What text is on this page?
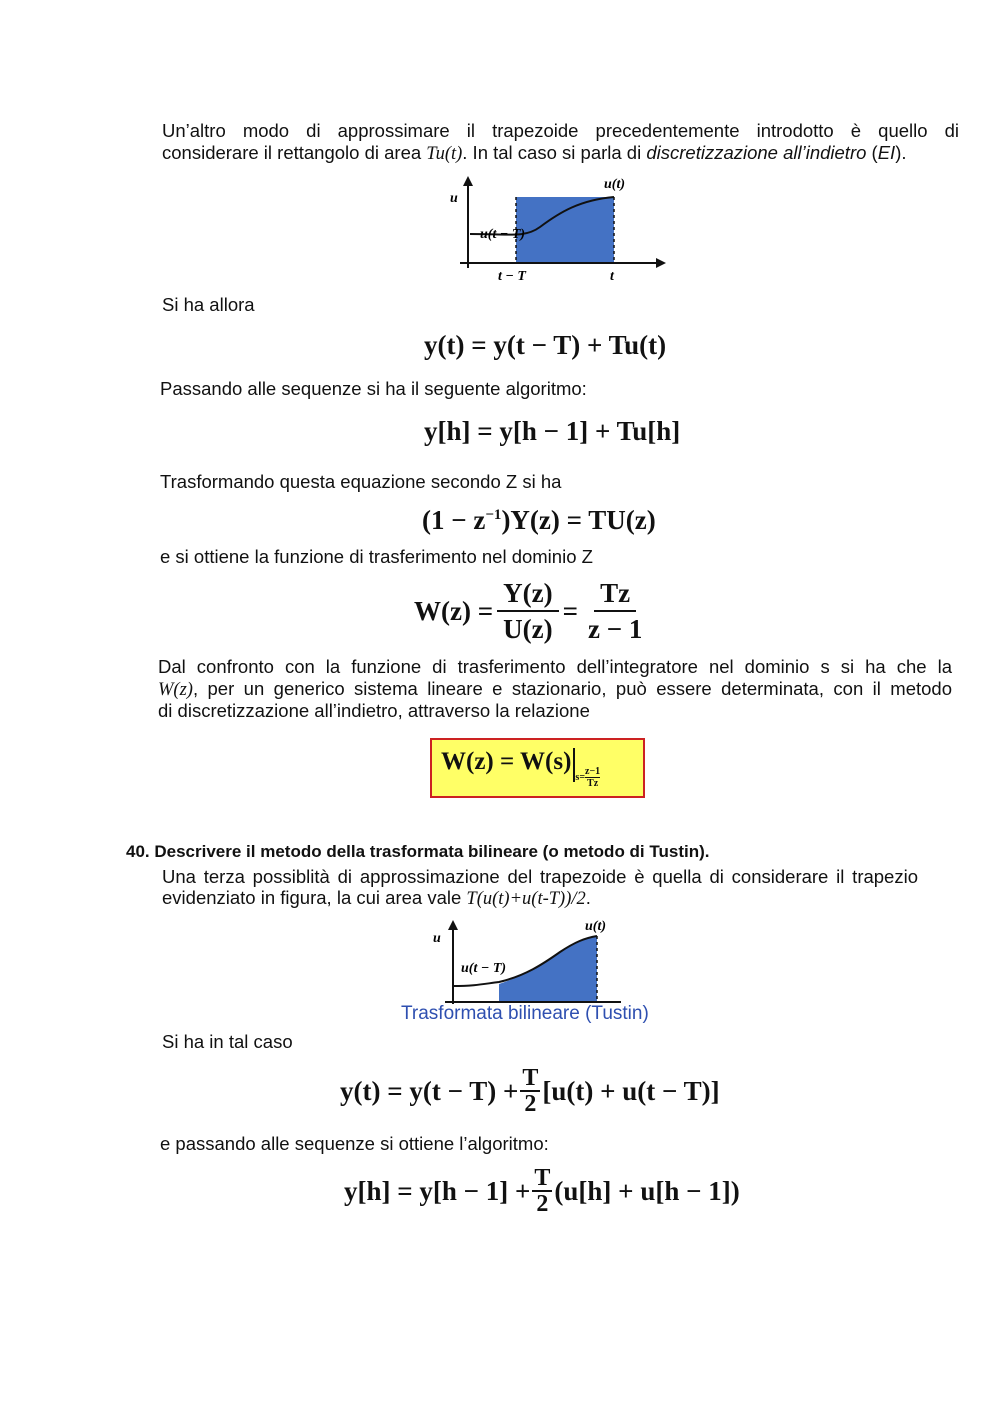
Un’altro modo di approssimare il trapezoide precedentemente introdotto è quello di

considerare il rettangolo di area Tu(t). In tal caso si parla di discretizzazione all’indietro (EI).

u
u(t)
u(t − T)
t − T	t

Si ha allora

y(t) = y(t − T) + Tu(t)

Passando alle sequenze si ha il seguente algoritmo:

y[h] = y[h − 1] + Tu[h]

Trasformando questa equazione secondo Z si ha

$(1 - z^{-1})Y(z) = TU(z)$

e si ottiene la funzione di trasferimento nel dominio Z

$W(z) = \frac{Y(z)}{U(z)} = \frac{Tz}{z - 1}$

Dal confronto con la funzione di trasferimento dell’integratore nel dominio s si ha che la

W(z), per un generico sistema lineare e stazionario, può essere determinata, con il metodo

di discretizzazione all’indietro, attraverso la relazione

W(z) = W(s)
$s= \frac{z-1}{Tz}$
40. Descrivere il metodo della trasformata bilineare (o metodo di Tustin).

Una terza possiblità di approssimazione del trapezoide è quella di considerare il trapezio

evidenziato in figura, la cui area vale T(u(t)+u(t-T))/2.

u
u(t)
u(t − T)
Trasformata bilineare (Tustin)

Si ha in tal caso

$y(t) = y(t - T) + \frac{T}{2} [u(t) + u(t - T)]$

e passando alle sequenze si ottiene l’algoritmo:

$y[h] = y[h - 1] + \frac{T}{2} (u[h] + u[h - 1])$
